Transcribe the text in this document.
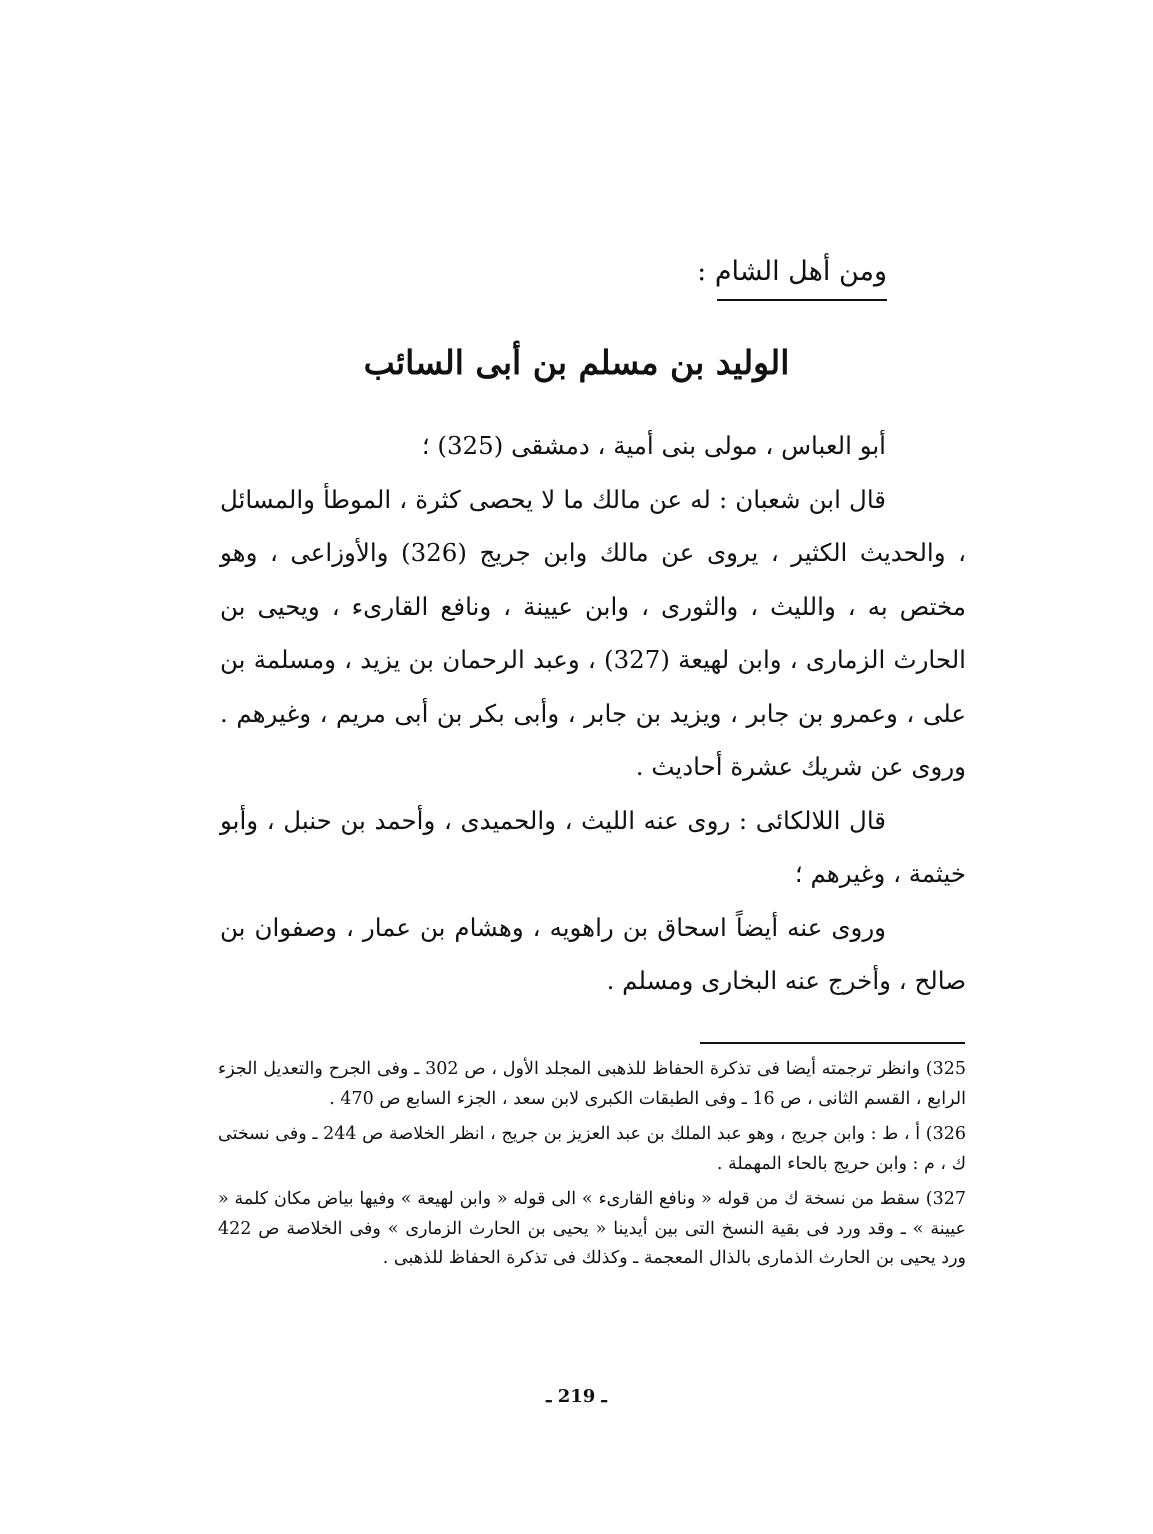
ومن أهل الشام :
الوليد بن مسلم بن أبى السائب

أبو العباس ، مولى بنى أمية ، دمشقى (325) ؛

قال ابن شعبان : له عن مالك ما لا يحصى كثرة ، الموطأ والمسائل ، والحديث الكثير ، يروى عن مالك وابن جريج (326) والأوزاعى ، وهو مختص به ، والليث ، والثورى ، وابن عيينة ، ونافع القارىء ، ويحيى بن الحارث الزمارى ، وابن لهيعة (327) ، وعبد الرحمان بن يزيد ، ومسلمة بن على ، وعمرو بن جابر ، ويزيد بن جابر ، وأبى بكر بن أبى مريم ، وغيرهم . وروى عن شريك عشرة أحاديث .

قال اللالكائى : روى عنه الليث ، والحميدى ، وأحمد بن حنبل ، وأبو خيثمة ، وغيرهم ؛

وروى عنه أيضاً اسحاق بن راهويه ، وهشام بن عمار ، وصفوان بن صالح ، وأخرج عنه البخارى ومسلم .

325) وانظر ترجمته أيضا فى تذكرة الحفاظ للذهبى المجلد الأول ، ص 302 ـ وفى الجرح والتعديل الجزء الرابع ، القسم الثانى ، ص 16 ـ وفى الطبقات الكبرى لابن سعد ، الجزء السابع ص 470 .

326) أ ، ط : وابن جريج ، وهو عبد الملك بن عبد العزيز بن جريج ، انظر الخلاصة ص 244 ـ وفى نسختى ك ، م : وابن حريج بالحاء المهملة .

327) سقط من نسخة ك من قوله « ونافع القارىء » الى قوله « وابن لهيعة » وفيها بياض مكان كلمة « عيينة » ـ وقد ورد فى بقية النسخ التى بين أيدينا « يحيى بن الحارث الزمارى » وفى الخلاصة ص 422 ورد يحيى بن الحارث الذمارى بالذال المعجمة ـ وكذلك فى تذكرة الحفاظ للذهبى .

ـ 219 ـ
